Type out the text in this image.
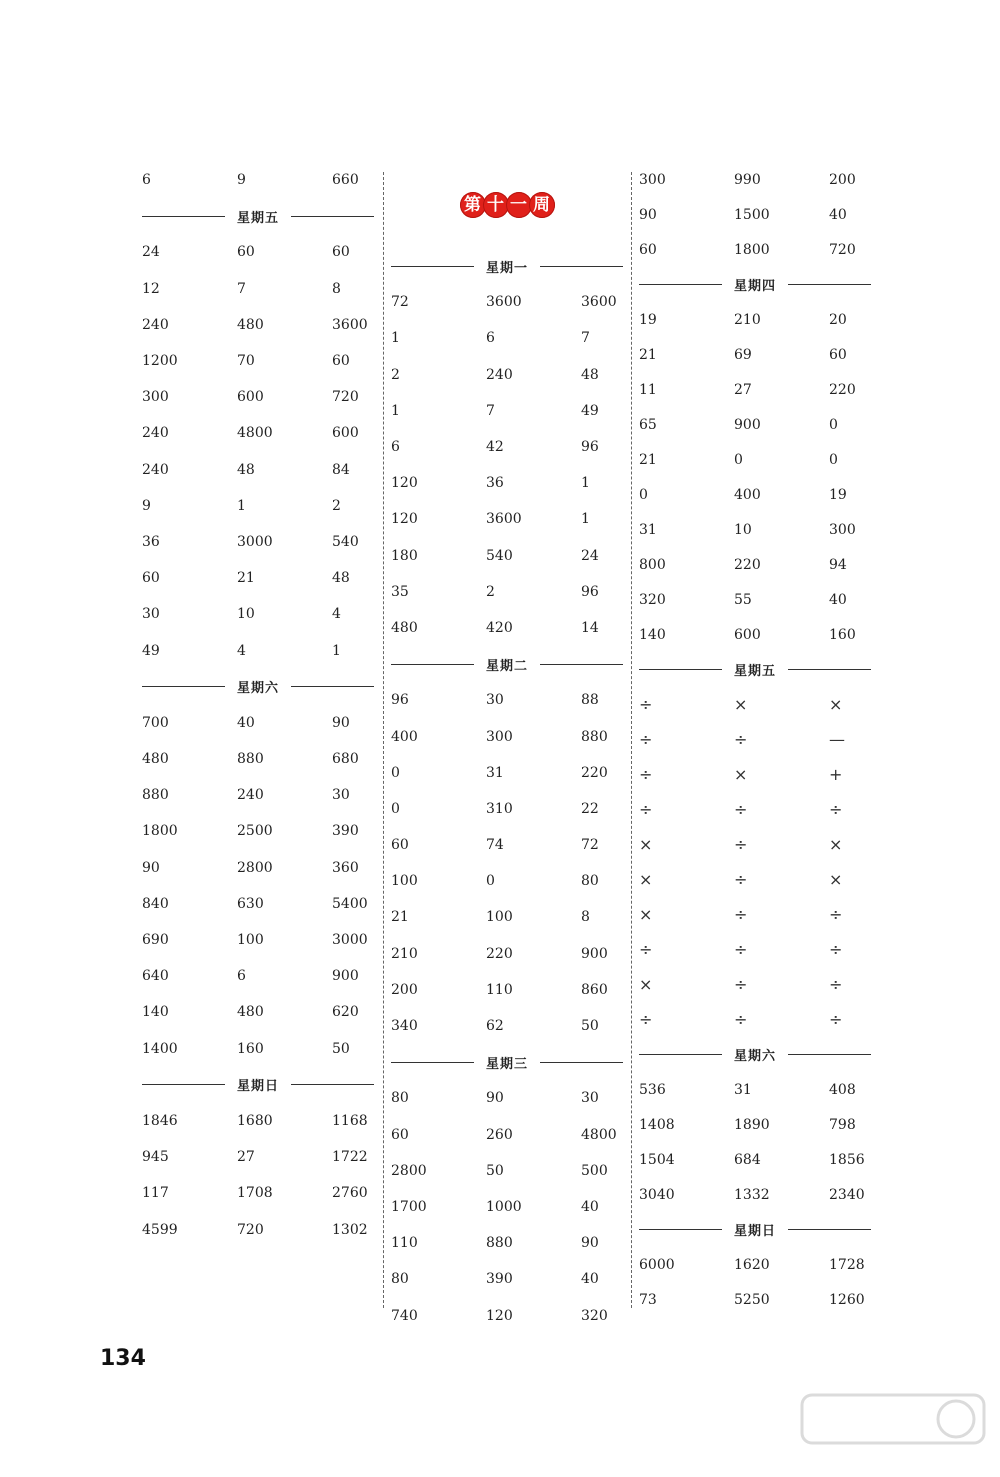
6	9	660
星期五
24	60	60
12	7	8
240	480	3600
1200	70	60
300	600	720
240	4800	600
240	48	84
9	1	2
36	3000	540
60	21	48
30	10	4
49	4	1
星期六
700	40	90
480	880	680
880	240	30
1800	2500	390
90	2800	360
840	630	5400
690	100	3000
640	6	900
140	480	620
1400	160	50
星期日
1846	1680	1168
945	27	1722
117	1708	2760
4599	720	1302
第 十 一 周
星期一
72	3600	3600
1	6	7
2	240	48
1	7	49
6	42	96
120	36	1
120	3600	1
180	540	24
35	2	96
480	420	14
星期二
96	30	88
400	300	880
0	31	220
0	310	22
60	74	72
100	0	80
21	100	8
210	220	900
200	110	860
340	62	50
星期三
80	90	30
60	260	4800
2800	50	500
1700	1000	40
110	880	90
80	390	40
740	120	320
300	990	200
90	1500	40
60	1800	720
星期四
19	210	20
21	69	60
11	27	220
65	900	0
21	0	0
0	400	19
31	10	300
800	220	94
320	55	40
140	600	160
星期五
÷	×	×
÷	÷	—
÷	×	+
÷	÷	÷
×	÷	×
×	÷	×
×	÷	÷
÷	÷	÷
×	÷	÷
÷	÷	÷
星期六
536	31	408
1408	1890	798
1504	684	1856
3040	1332	2340
星期日
6000	1620	1728
73	5250	1260
134
